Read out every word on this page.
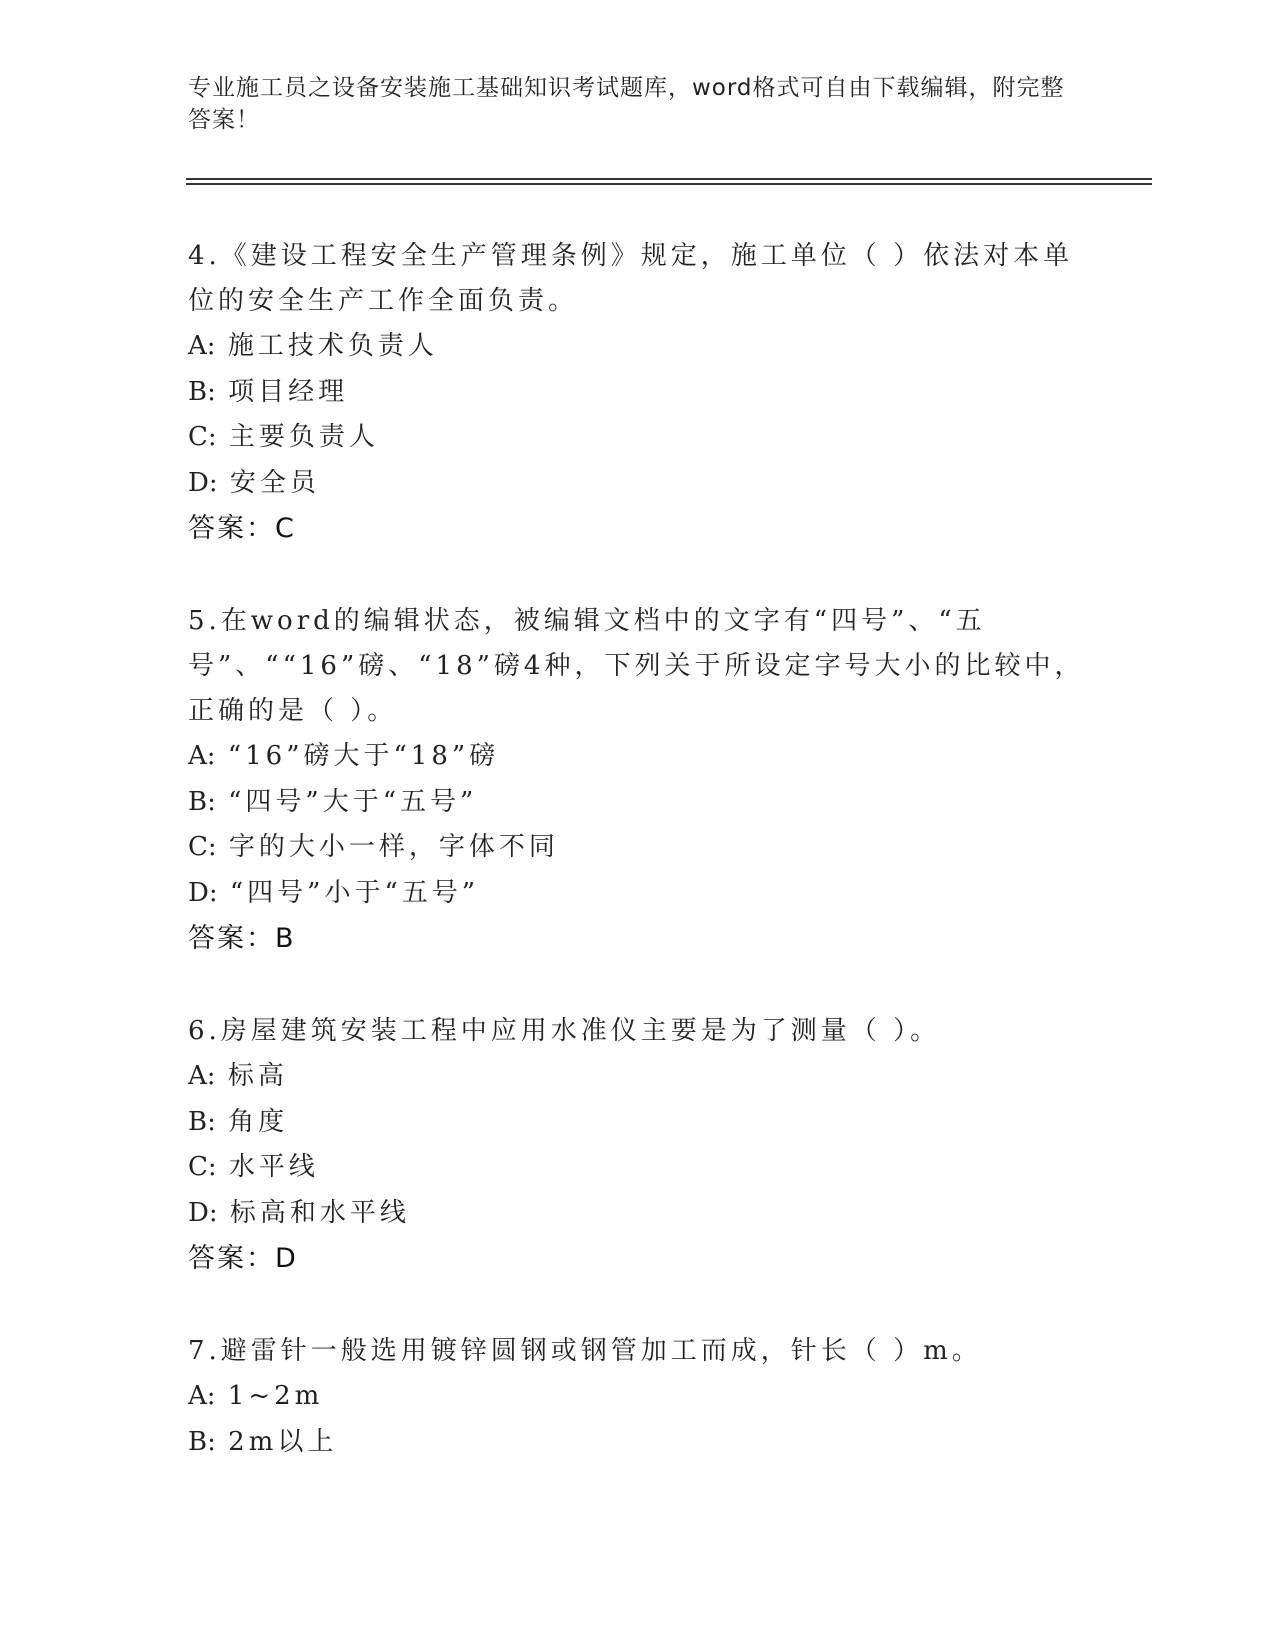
专业施工员之设备安装施工基础知识考试题库，word格式可自由下载编辑，附完整答案！
4.《建设工程安全生产管理条例》规定，施工单位（ ）依法对本单位的安全生产工作全面负责。
A: 施工技术负责人
B: 项目经理
C: 主要负责人
D: 安全员
答案：C
5.在word的编辑状态，被编辑文档中的文字有“四号”、“五号”、““16”磅、“18”磅4种，下列关于所设定字号大小的比较中，正确的是（ ）。
A: “16”磅大于“18”磅
B: “四号”大于“五号”
C: 字的大小一样，字体不同
D: “四号”小于“五号”
答案：B
6.房屋建筑安装工程中应用水准仪主要是为了测量（ ）。
A: 标高
B: 角度
C: 水平线
D: 标高和水平线
答案：D
7.避雷针一般选用镀锌圆钢或钢管加工而成，针长（ ）m。
A: 1~2m
B: 2m以上
